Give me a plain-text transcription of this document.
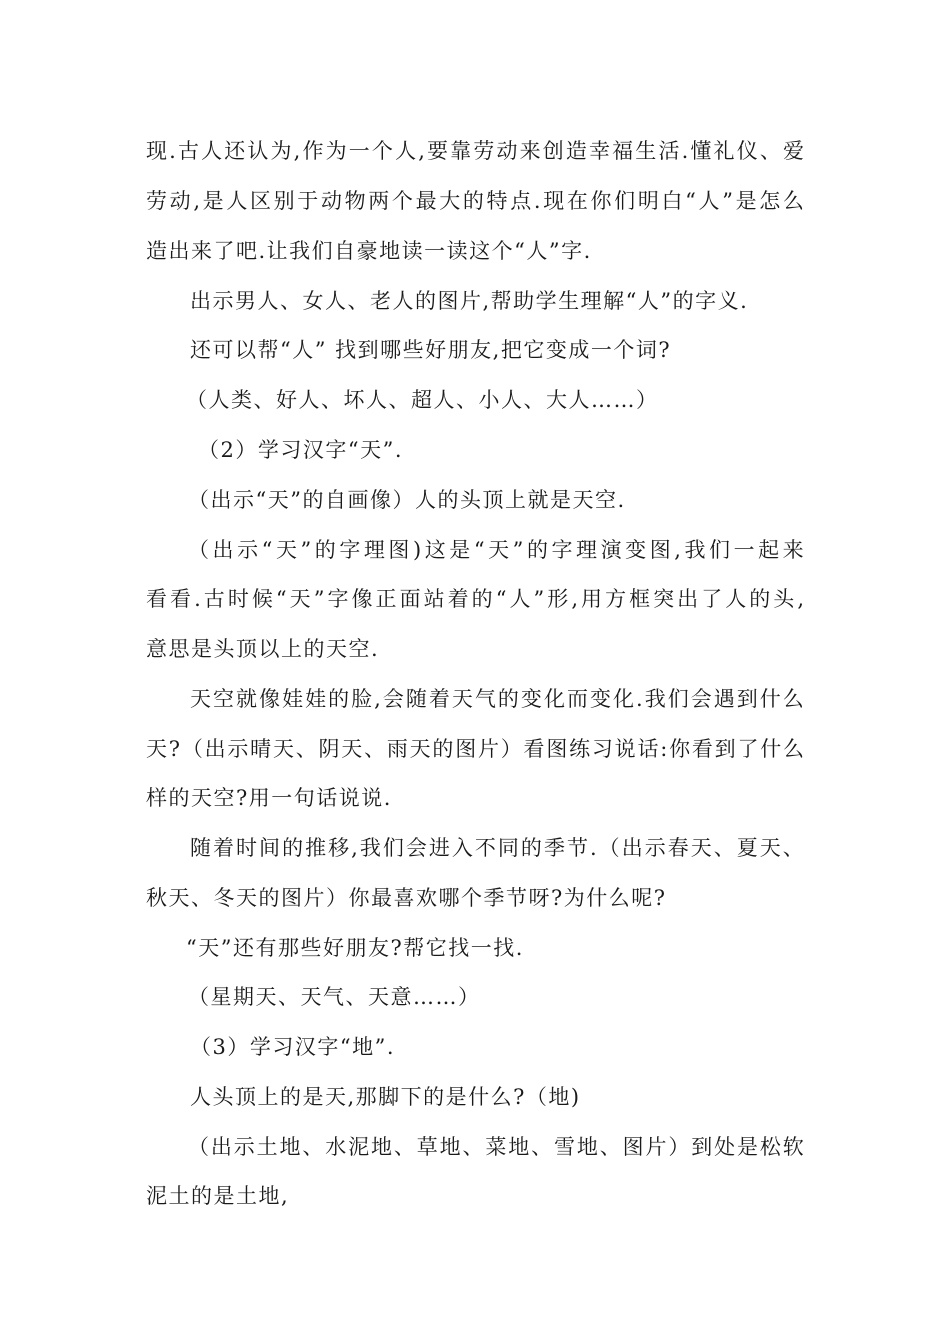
现 . 古 人 还 认 为 , 作 为 一 个 人 , 要 靠 劳 动 来 创 造 幸 福 生 活 . 懂 礼 仪 、 爱
劳 动 , 是 人 区 别 于 动 物 两 个 最 大 的 特 点 . 现 在 你 们 明 白 “ 人 ” 是 怎 么
造出来了吧.让我们自豪地读一读这个“人”字.
出示男人、女人、老人的图片,帮助学生理解“人”的字义.
还可以帮“人” 找到哪些好朋友,把它变成一个词?
（人类、好人、坏人、超人、小人、大人……）
（2）学习汉字“天”.
（出示“天”的自画像）人的头顶上就是天空.
（ 出 示 “ 天 ” 的 字 理 图 ) 这 是 “ 天 ” 的 字 理 演 变 图 , 我 们 一 起 来
看 看 . 古 时 候 “ 天 ” 字 像 正 面 站 着 的 “ 人 ” 形 , 用 方 框 突 出 了 人 的 头 ,
意思是头顶以上的天空.
天 空 就 像 娃 娃 的 脸 , 会 随 着 天 气 的 变 化 而 变 化 . 我 们 会 遇 到 什 么
天 ? （ 出 示 晴 天 、 阴 天 、 雨 天 的 图 片 ） 看 图 练 习 说 话 : 你 看 到 了 什 么
样的天空?用一句话说说.
随 着 时 间 的 推 移 , 我 们 会 进 入 不 同 的 季 节 . （ 出 示 春 天 、 夏 天 、
秋天、冬天的图片）你最喜欢哪个季节呀?为什么呢?
“天”还有那些好朋友?帮它找一找.
（星期天、天气、天意……）
（3）学习汉字“地”.
人头顶上的是天,那脚下的是什么?（地)
（ 出 示 土 地 、 水 泥 地 、 草 地 、 菜 地 、 雪 地 、 图 片 ） 到 处 是 松 软
泥土的是土地,
